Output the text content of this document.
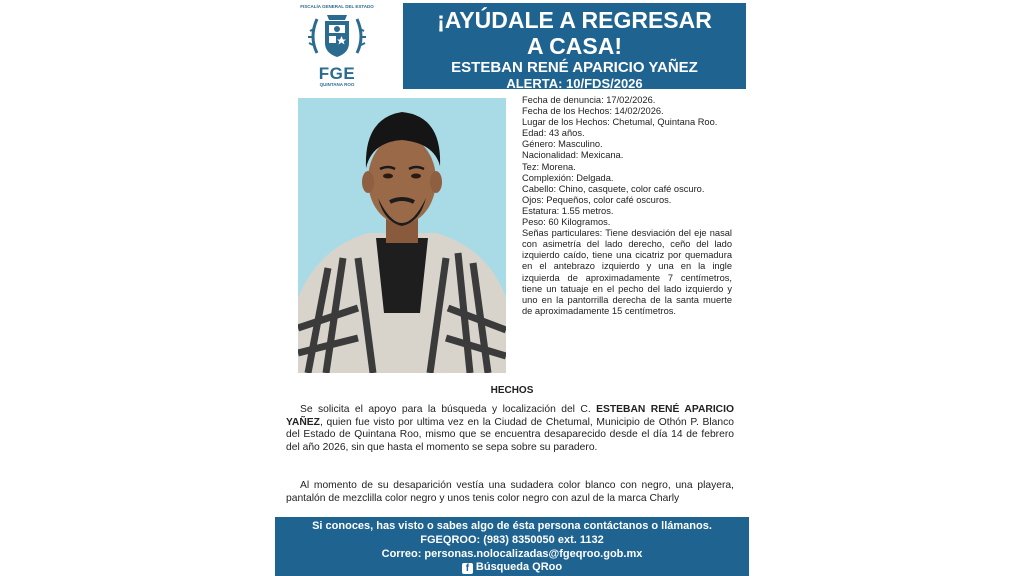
FISCALÍA GENERAL DEL ESTADO
FGE
QUINTANA ROO
¡AYÚDALE A REGRESAR
A CASA!
ESTEBAN RENÉ APARICIO YAÑEZ
ALERTA: 10/FDS/2026
Fecha de denuncia: 17/02/2026.
Fecha de los Hechos: 14/02/2026.
Lugar de los Hechos: Chetumal, Quintana Roo.
Edad: 43 años.
Género: Masculino.
Nacionalidad: Mexicana.
Tez: Morena.
Complexión: Delgada.
Cabello: Chino, casquete, color café oscuro.
Ojos: Pequeños, color café oscuros.
Estatura: 1.55 metros.
Peso: 60 Kilogramos.
Señas particulares: Tiene desviación del eje nasal con asimetría del lado derecho, ceño del lado izquierdo caído, tiene una cicatriz por quemadura en el antebrazo izquierdo y una en la ingle izquierda de aproximadamente 7 centímetros, tiene un tatuaje en el pecho del lado izquierdo y uno en la pantorrilla derecha de la santa muerte de aproximadamente 15 centímetros.
HECHOS
Se solicita el apoyo para la búsqueda y localización del C. ESTEBAN RENÉ APARICIO YAÑEZ, quien fue visto por ultima vez en la Ciudad de Chetumal, Municipio de Othón P. Blanco del Estado de Quintana Roo, mismo que se encuentra desaparecido desde el día 14 de febrero del año 2026, sin que hasta el momento se sepa sobre su paradero.
Al momento de su desaparición vestía una sudadera color blanco con negro, una playera, pantalón de mezclilla color negro y unos tenis color negro con azul de la marca Charly
Si conoces, has visto o sabes algo de ésta persona contáctanos o llámanos.
FGEQROO: (983) 8350050 ext. 1132
Correo: personas.nolocalizadas@fgeqroo.gob.mx
f Búsqueda QRoo
